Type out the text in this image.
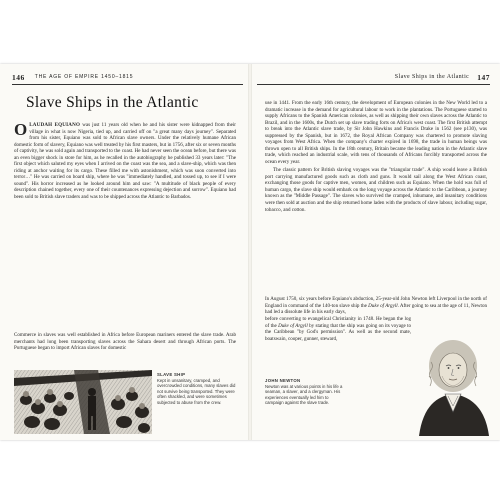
146 THE AGE OF EMPIRE 1450–1815
Slave Ships in the Atlantic

OLAUDAH EQUIANO was just 11 years old when he and his sister were kidnapped from their village in what is now Nigeria, tied up, and carried off on "a great many days journey". Separated from his sister, Equiano was sold to African slave owners. Under the relatively humane African domestic form of slavery, Equiano was well treated by his first masters, but in 1756, after six or seven months of captivity, he was sold again and transported to the coast. He had never seen the ocean before, but there was an even bigger shock in store for him, as he recalled in the autobiography he published 33 years later: "The first object which saluted my eyes when I arrived on the coast was the sea, and a slave-ship, which was then riding at anchor waiting for its cargo. These filled me with astonishment, which was soon converted into terror…" He was carried on board ship, where he was "immediately handled, and tossed up, to see if I were sound". His horror increased as he looked around him and saw: "A multitude of black people of every description chained together, every one of their countenances expressing dejection and sorrow". Equiano had been sold to British slave traders and was to be shipped across the Atlantic to Barbados.

Commerce in slaves was well established in Africa before European mariners entered the slave trade. Arab merchants had long been transporting slaves across the Sahara desert and through African ports. The Portuguese began to import African slaves for domestic
SLAVE SHIP
Kept in unsanitary, cramped, and overcrowded conditions, many slaves did not survive being transported. They were often shackled, and were sometimes subjected to abuse from the crew.
Slave Ships in the Atlantic 147

use in 1441. From the early 16th century, the development of European colonies in the New World led to a dramatic increase in the demand for agricultural labour to work in the plantations. The Portuguese started to supply Africans to the Spanish American colonies, as well as shipping their own slaves across the Atlantic to Brazil, and in the 1600s, the Dutch set up slave trading forts on Africa's west coast. The first British attempt to break into the Atlantic slave trade, by Sir John Hawkins and Francis Drake in 1562 (see p130), was suppressed by the Spanish, but in 1672, the Royal African Company was chartered to promote slaving voyages from West Africa. When the company's charter expired in 1698, the trade in human beings was thrown open to all British ships. In the 18th century, Britain became the leading nation in the Atlantic slave trade, which reached an industrial scale, with tens of thousands of Africans forcibly transported across the ocean every year.

The classic pattern for British slaving voyages was the "triangular trade". A ship would leave a British port carrying manufactured goods such as cloth and guns. It would sail along the West African coast, exchanging those goods for captive men, women, and children such as Equiano. When the hold was full of human cargo, the slave ship would embark on the long voyage across the Atlantic to the Caribbean, a journey known as the "Middle Passage". The slaves who survived the cramped, inhumane, and insanitary conditions were then sold at auction and the ship returned home laden with the products of slave labour, including sugar, tobacco, and cotton.

In August 1750, six years before Equiano's abduction, 25-year-old John Newton left Liverpool in the north of England in command of the 140-ton slave ship the Duke of Argyll. After going to sea at the age of 11, Newton had led a dissolute life in his early days,
before converting to evangelical Christianity in 1748. He began the log of the Duke of Argyll by stating that the ship was going on its voyage to the Caribbean "by God's permission". As well as the second mate, boatswain, cooper, gunner, steward,
JOHN NEWTON
Newton was at various points in his life a seaman, a slaver, and a clergyman. His experiences eventually led him to campaign against the slave trade.
